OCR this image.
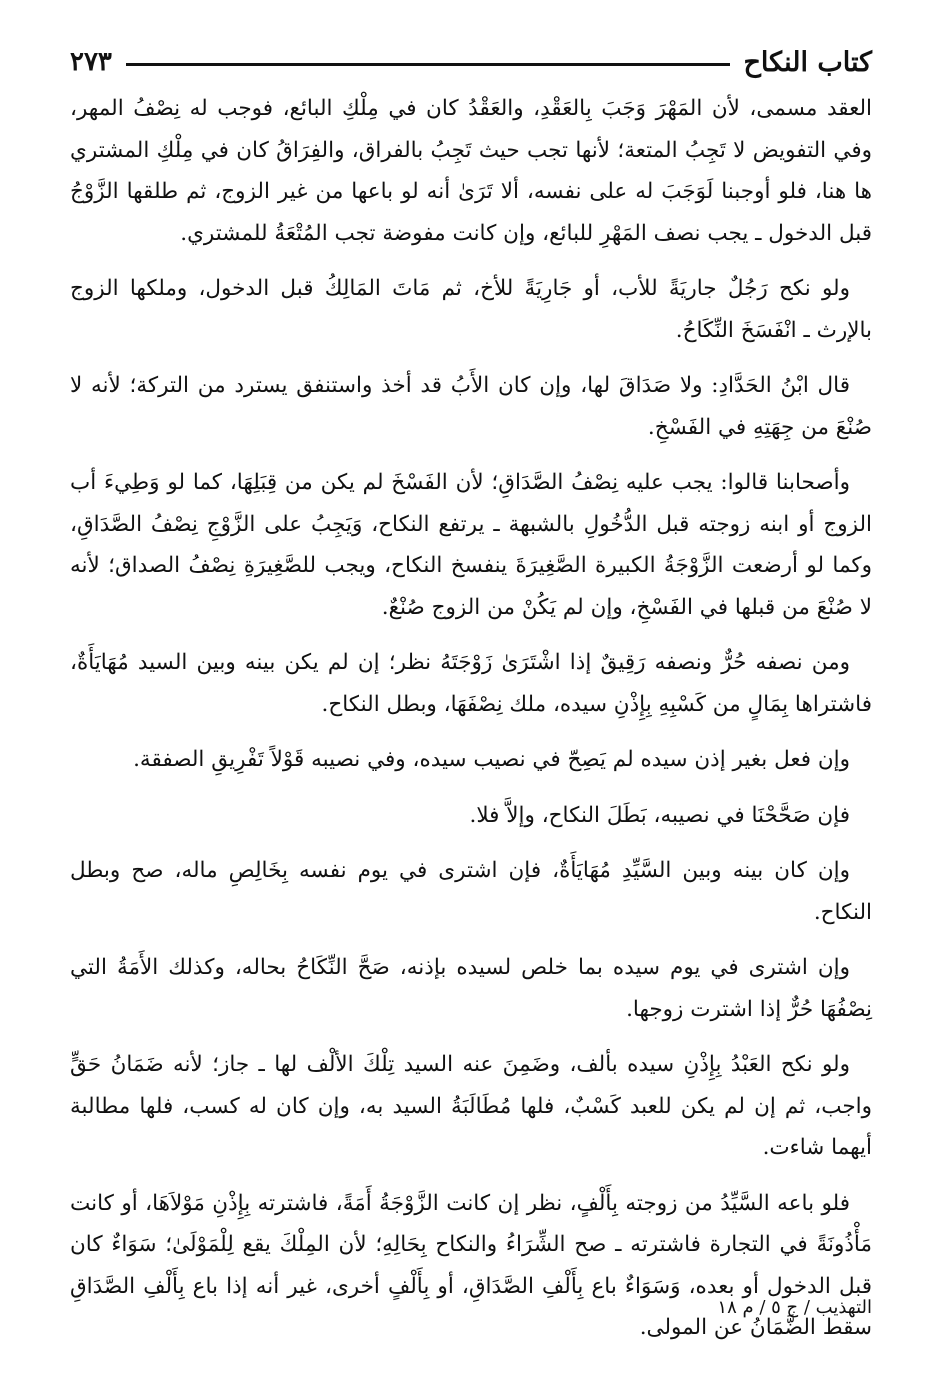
كتاب النكاح
٢٧٣

العقد مسمى، لأن المَهْرَ وَجَبَ بِالعَقْدِ، والعَقْدُ كان في مِلْكِ البائع، فوجب له نِصْفُ المهر، وفي التفويض لا تَجِبُ المتعة؛ لأنها تجب حيث تَجِبُ بالفراق، والفِرَاقُ كان في مِلْكِ المشتري ها هنا، فلو أوجبنا لَوَجَبَ له على نفسه، ألا تَرَىٰ أنه لو باعها من غير الزوج، ثم طلقها الزَّوْجُ قبل الدخول ـ يجب نصف المَهْرِ للبائع، وإن كانت مفوضة تجب المُتْعَةُ للمشتري.

ولو نكح رَجُلٌ جاريَةً للأب، أو جَارِيَةً للأخ، ثم مَاتَ المَالِكُ قبل الدخول، وملكها الزوج بالإرث ـ انْفَسَخَ النِّكَاحُ.

قال ابْنُ الحَدَّادِ: ولا صَدَاقَ لها، وإن كان الأَبُ قد أخذ واستنفق يسترد من التركة؛ لأنه لا صُنْعَ من جِهَتِهِ في الفَسْخِ.

وأصحابنا قالوا: يجب عليه نِصْفُ الصَّدَاقِ؛ لأن الفَسْخَ لم يكن من قِبَلِهَا، كما لو وَطِيءَ أب الزوج أو ابنه زوجته قبل الدُّخُولِ بالشبهة ـ يرتفع النكاح، وَيَجِبُ على الزَّوْجِ نِصْفُ الصَّدَاقِ، وكما لو أرضعت الزَّوْجَةُ الكبيرة الصَّغِيرَةَ ينفسخ النكاح، ويجب للصَّغِيرَةِ نِصْفُ الصداق؛ لأنه لا صُنْعَ من قبلها في الفَسْخِ، وإن لم يَكُنْ من الزوج صُنْعٌ.

ومن نصفه حُرٌّ ونصفه رَقِيقٌ إذا اشْتَرَىٰ زَوْجَتَهُ نظر؛ إن لم يكن بينه وبين السيد مُهَايَأَةٌ، فاشتراها بِمَالٍ من كَسْبِهِ بِإِذْنِ سيده، ملك نِصْفَهَا، وبطل النكاح.

وإن فعل بغير إذن سيده لم يَصِحّ في نصيب سيده، وفي نصيبه قَوْلاً تَفْرِيقِ الصفقة.

فإن صَحَّحْنَا في نصيبه، بَطَلَ النكاح، وإلاَّ فلا.

وإن كان بينه وبين السَّيِّدِ مُهَايَأَةٌ، فإن اشترى في يوم نفسه بِخَالِصِ ماله، صح وبطل النكاح.

وإن اشترى في يوم سيده بما خلص لسيده بإذنه، صَحَّ النِّكَاحُ بحاله، وكذلك الأَمَةُ التي نِصْفُهَا حُرٌّ إذا اشترت زوجها.

ولو نكح العَبْدُ بِإِذْنِ سيده بألف، وضَمِنَ عنه السيد تِلْكَ الألْف لها ـ جاز؛ لأنه ضَمَانُ حَقٍّ واجب، ثم إن لم يكن للعبد كَسْبٌ، فلها مُطَالَبَةُ السيد به، وإن كان له كسب، فلها مطالبة أيهما شاءت.

فلو باعه السَّيِّدُ من زوجته بِأَلْفٍ، نظر إن كانت الزَّوْجَةُ أَمَةً، فاشترته بِإِذْنِ مَوْلاَهَا، أو كانت مَأْذُونَةً في التجارة فاشترته ـ صح الشِّرَاءُ والنكاح بِحَالِهِ؛ لأن المِلْكَ يقع لِلْمَوْلَىٰ؛ سَوَاءٌ كان قبل الدخول أو بعده، وَسَوَاءٌ باع بِأَلْفِ الصَّدَاقِ، أو بِأَلْفٍ أخرى، غير أنه إذا باع بِأَلْفِ الصَّدَاقِ سقط الضَّمَانُ عن المولى.

التهذيب / ج ٥ / م ١٨
